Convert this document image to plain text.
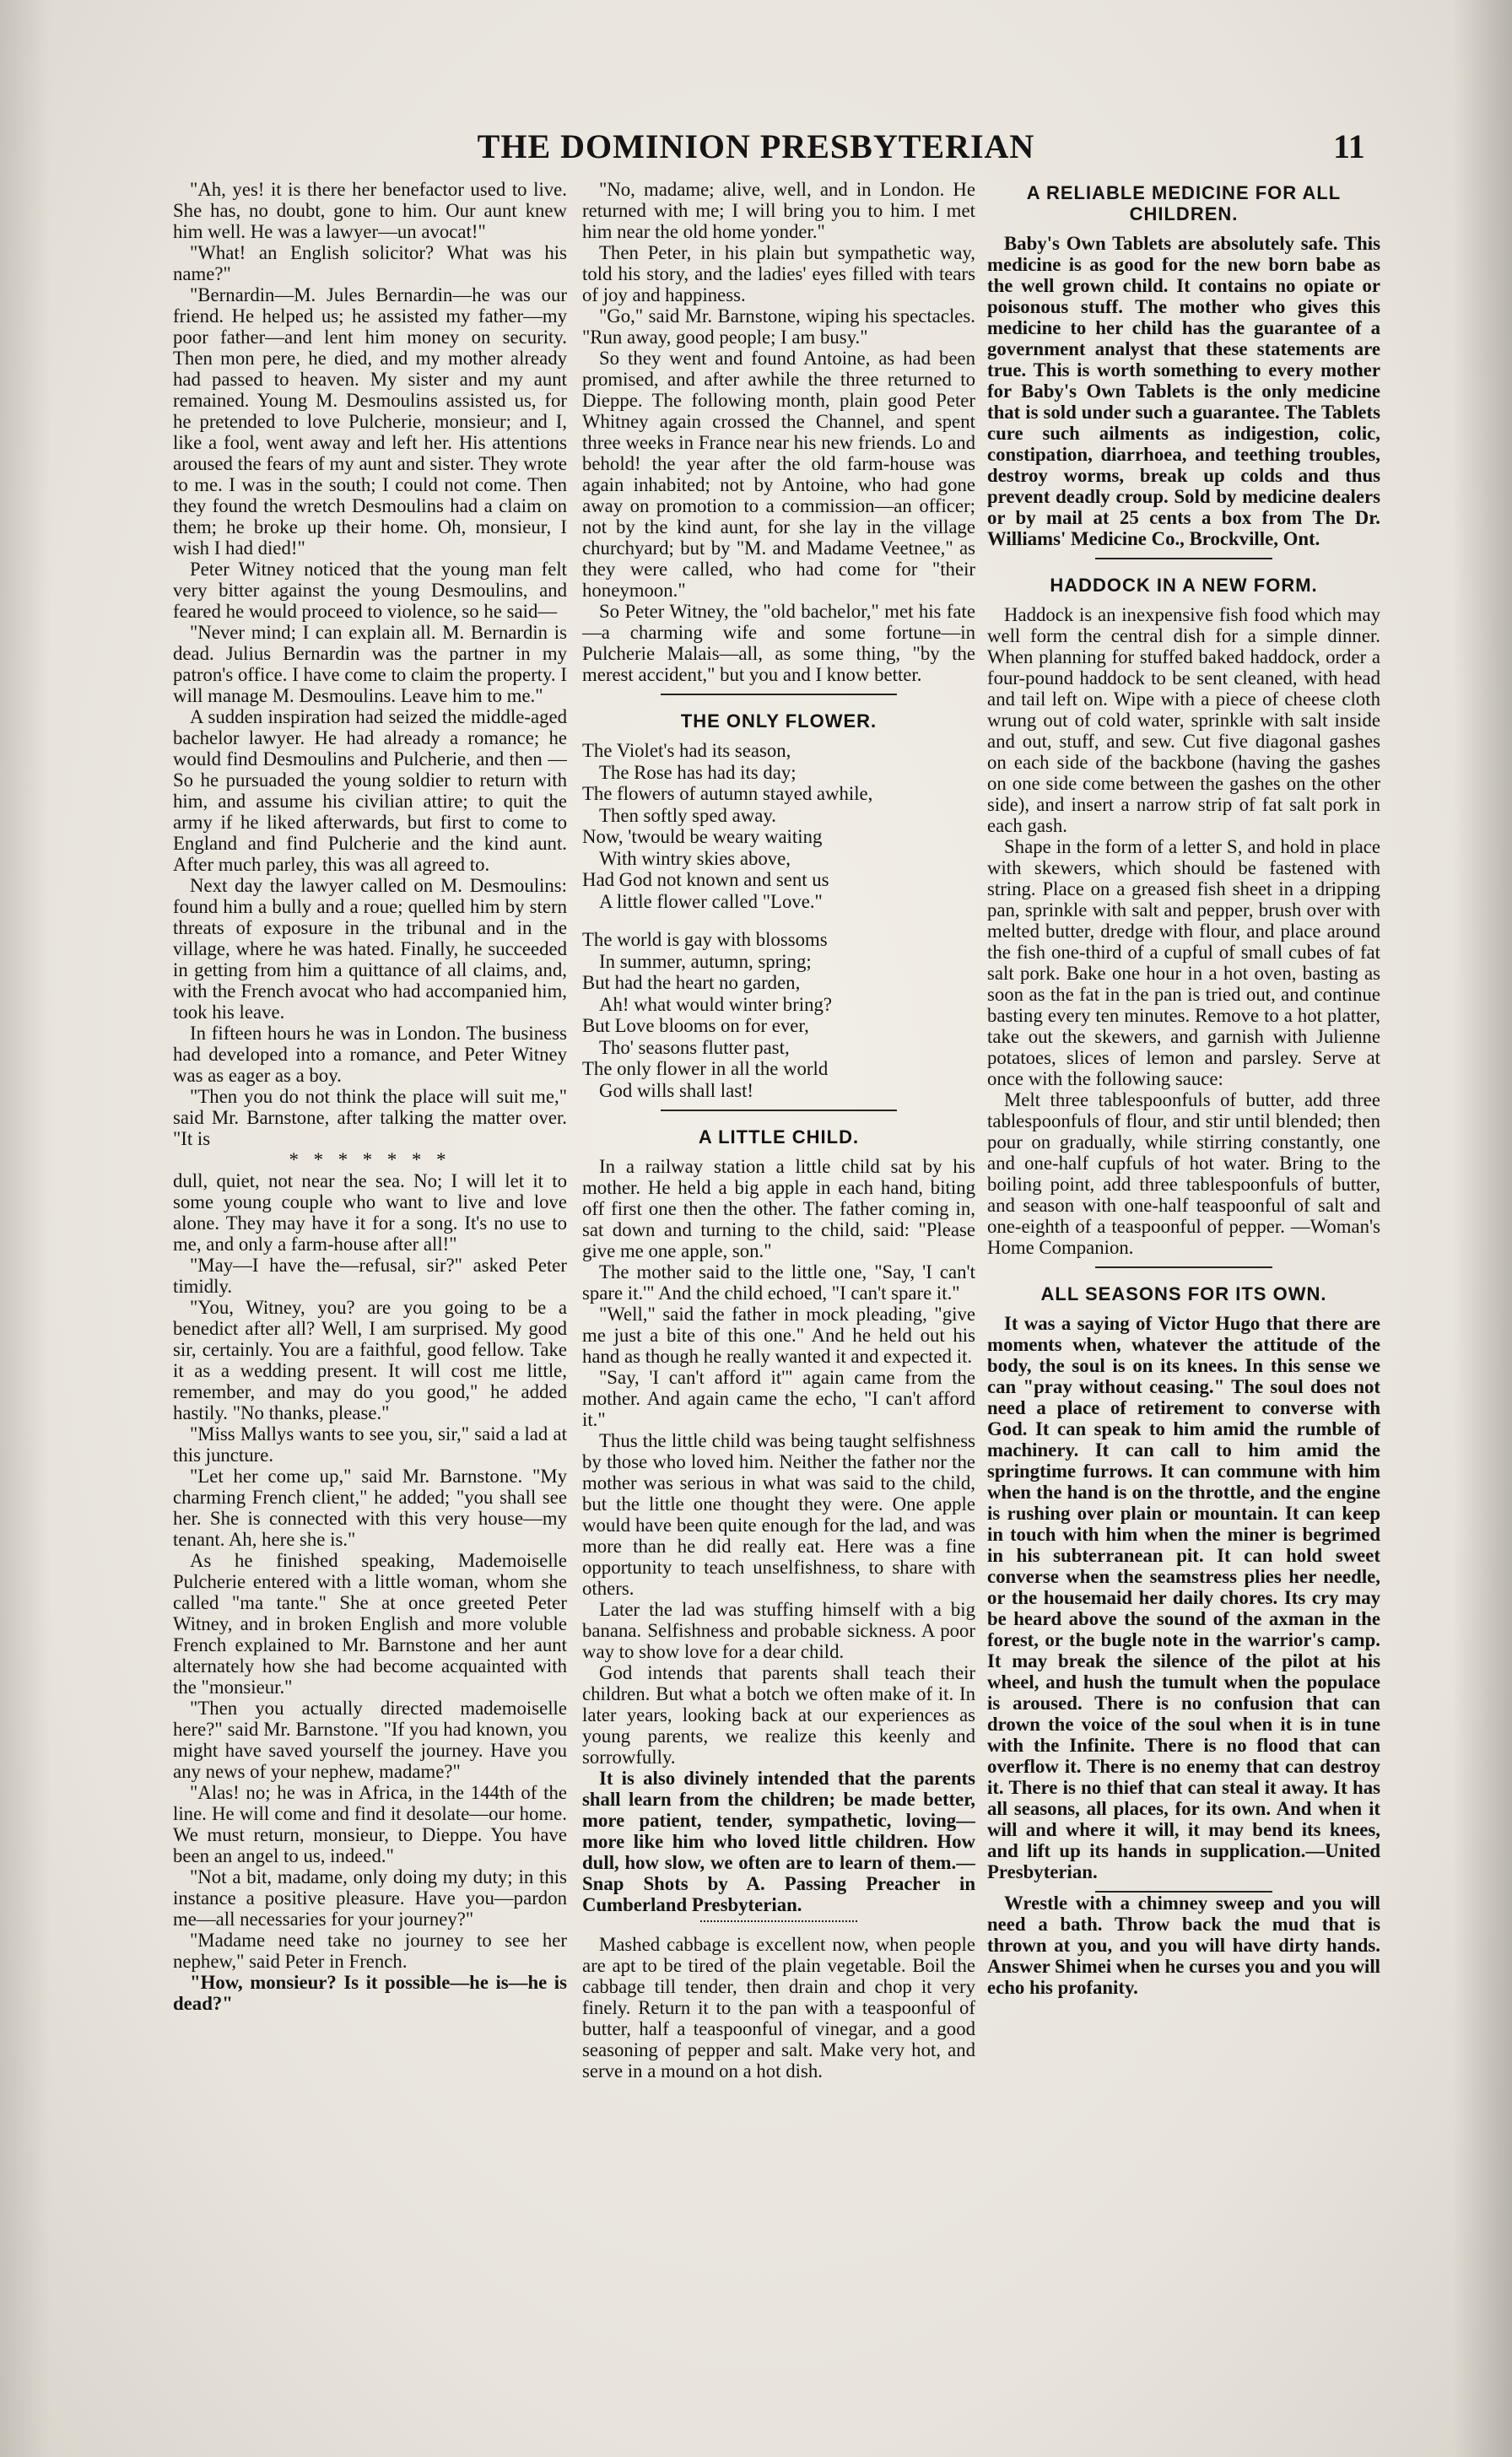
THE DOMINION PRESBYTERIAN	11

"Ah, yes! it is there her benefactor used to live. She has, no doubt, gone to him. Our aunt knew him well. He was a lawyer—un avocat!"

"What! an English solicitor? What was his name?"

"Bernardin—M. Jules Bernardin—he was our friend. He helped us; he assisted my father—my poor father—and lent him money on security. Then mon pere, he died, and my mother already had passed to heaven. My sister and my aunt remained. Young M. Desmoulins assisted us, for he pretended to love Pulcherie, monsieur; and I, like a fool, went away and left her. His attentions aroused the fears of my aunt and sister. They wrote to me. I was in the south; I could not come. Then they found the wretch Desmoulins had a claim on them; he broke up their home. Oh, monsieur, I wish I had died!"

Peter Witney noticed that the young man felt very bitter against the young Desmoulins, and feared he would proceed to violence, so he said—

"Never mind; I can explain all. M. Bernardin is dead. Julius Bernardin was the partner in my patron's office. I have come to claim the property. I will manage M. Desmoulins. Leave him to me."

A sudden inspiration had seized the middle-aged bachelor lawyer. He had already a romance; he would find Desmoulins and Pulcherie, and then — So he pursuaded the young soldier to return with him, and assume his civilian attire; to quit the army if he liked afterwards, but first to come to England and find Pulcherie and the kind aunt. After much parley, this was all agreed to.

Next day the lawyer called on M. Desmoulins: found him a bully and a roue; quelled him by stern threats of exposure in the tribunal and in the village, where he was hated. Finally, he succeeded in getting from him a quittance of all claims, and, with the French avocat who had accompanied him, took his leave.

In fifteen hours he was in London. The business had developed into a romance, and Peter Witney was as eager as a boy.

"Then you do not think the place will suit me," said Mr. Barnstone, after talking the matter over. "It is

* * * * * * *

dull, quiet, not near the sea. No; I will let it to some young couple who want to live and love alone. They may have it for a song. It's no use to me, and only a farm-house after all!"

"May—I have the—refusal, sir?" asked Peter timidly.

"You, Witney, you? are you going to be a benedict after all? Well, I am surprised. My good sir, certainly. You are a faithful, good fellow. Take it as a wedding present. It will cost me little, remember, and may do you good," he added hastily. "No thanks, please."

"Miss Mallys wants to see you, sir," said a lad at this juncture.

"Let her come up," said Mr. Barnstone. "My charming French client," he added; "you shall see her. She is connected with this very house—my tenant. Ah, here she is."

As he finished speaking, Mademoiselle Pulcherie entered with a little woman, whom she called "ma tante." She at once greeted Peter Witney, and in broken English and more voluble French explained to Mr. Barnstone and her aunt alternately how she had become acquainted with the "monsieur."

"Then you actually directed mademoiselle here?" said Mr. Barnstone. "If you had known, you might have saved yourself the journey. Have you any news of your nephew, madame?"

"Alas! no; he was in Africa, in the 144th of the line. He will come and find it desolate—our home. We must return, monsieur, to Dieppe. You have been an angel to us, indeed."

"Not a bit, madame, only doing my duty; in this instance a positive pleasure. Have you—pardon me—all necessaries for your journey?"

"Madame need take no journey to see her nephew," said Peter in French.

"How, monsieur? Is it possible—he is—he is dead?"

"No, madame; alive, well, and in London. He returned with me; I will bring you to him. I met him near the old home yonder."

Then Peter, in his plain but sympathetic way, told his story, and the ladies' eyes filled with tears of joy and happiness.

"Go," said Mr. Barnstone, wiping his spectacles. "Run away, good people; I am busy."

So they went and found Antoine, as had been promised, and after awhile the three returned to Dieppe. The following month, plain good Peter Whitney again crossed the Channel, and spent three weeks in France near his new friends. Lo and behold! the year after the old farm-house was again inhabited; not by Antoine, who had gone away on promotion to a commission—an officer; not by the kind aunt, for she lay in the village churchyard; but by "M. and Madame Veetnee," as they were called, who had come for "their honeymoon."

So Peter Witney, the "old bachelor," met his fate—a charming wife and some fortune—in Pulcherie Malais—all, as some thing, "by the merest accident," but you and I know better.

THE ONLY FLOWER.
The Violet's had its season,
The Rose has had its day;
The flowers of autumn stayed awhile,
Then softly sped away.
Now, 'twould be weary waiting
With wintry skies above,
Had God not known and sent us
A little flower called "Love."
The world is gay with blossoms
In summer, autumn, spring;
But had the heart no garden,
Ah! what would winter bring?
But Love blooms on for ever,
Tho' seasons flutter past,
The only flower in all the world
God wills shall last!
A LITTLE CHILD.

In a railway station a little child sat by his mother. He held a big apple in each hand, biting off first one then the other. The father coming in, sat down and turning to the child, said: "Please give me one apple, son."

The mother said to the little one, "Say, 'I can't spare it.'" And the child echoed, "I can't spare it."

"Well," said the father in mock pleading, "give me just a bite of this one." And he held out his hand as though he really wanted it and expected it.

"Say, 'I can't afford it'" again came from the mother. And again came the echo, "I can't afford it."

Thus the little child was being taught selfishness by those who loved him. Neither the father nor the mother was serious in what was said to the child, but the little one thought they were. One apple would have been quite enough for the lad, and was more than he did really eat. Here was a fine opportunity to teach unselfishness, to share with others.

Later the lad was stuffing himself with a big banana. Selfishness and probable sickness. A poor way to show love for a dear child.

God intends that parents shall teach their children. But what a botch we often make of it. In later years, looking back at our experiences as young parents, we realize this keenly and sorrowfully.

It is also divinely intended that the parents shall learn from the children; be made better, more patient, tender, sympathetic, loving—more like him who loved little children. How dull, how slow, we often are to learn of them.—Snap Shots by A. Passing Preacher in Cumberland Presbyterian.

Mashed cabbage is excellent now, when people are apt to be tired of the plain vegetable. Boil the cabbage till tender, then drain and chop it very finely. Return it to the pan with a teaspoonful of butter, half a teaspoonful of vinegar, and a good seasoning of pepper and salt. Make very hot, and serve in a mound on a hot dish.

A RELIABLE MEDICINE FOR ALL CHILDREN.

Baby's Own Tablets are absolutely safe. This medicine is as good for the new born babe as the well grown child. It contains no opiate or poisonous stuff. The mother who gives this medicine to her child has the guarantee of a government analyst that these statements are true. This is worth something to every mother for Baby's Own Tablets is the only medicine that is sold under such a guarantee. The Tablets cure such ailments as indigestion, colic, constipation, diarrhoea, and teething troubles, destroy worms, break up colds and thus prevent deadly croup. Sold by medicine dealers or by mail at 25 cents a box from The Dr. Williams' Medicine Co., Brockville, Ont.

HADDOCK IN A NEW FORM.

Haddock is an inexpensive fish food which may well form the central dish for a simple dinner. When planning for stuffed baked haddock, order a four-pound haddock to be sent cleaned, with head and tail left on. Wipe with a piece of cheese cloth wrung out of cold water, sprinkle with salt inside and out, stuff, and sew. Cut five diagonal gashes on each side of the backbone (having the gashes on one side come between the gashes on the other side), and insert a narrow strip of fat salt pork in each gash.

Shape in the form of a letter S, and hold in place with skewers, which should be fastened with string. Place on a greased fish sheet in a dripping pan, sprinkle with salt and pepper, brush over with melted butter, dredge with flour, and place around the fish one-third of a cupful of small cubes of fat salt pork. Bake one hour in a hot oven, basting as soon as the fat in the pan is tried out, and continue basting every ten minutes. Remove to a hot platter, take out the skewers, and garnish with Julienne potatoes, slices of lemon and parsley. Serve at once with the following sauce:

Melt three tablespoonfuls of butter, add three tablespoonfuls of flour, and stir until blended; then pour on gradually, while stirring constantly, one and one-half cupfuls of hot water. Bring to the boiling point, add three tablespoonfuls of butter, and season with one-half teaspoonful of salt and one-eighth of a teaspoonful of pepper. —Woman's Home Companion.

ALL SEASONS FOR ITS OWN.

It was a saying of Victor Hugo that there are moments when, whatever the attitude of the body, the soul is on its knees. In this sense we can "pray without ceasing." The soul does not need a place of retirement to converse with God. It can speak to him amid the rumble of machinery. It can call to him amid the springtime furrows. It can commune with him when the hand is on the throttle, and the engine is rushing over plain or mountain. It can keep in touch with him when the miner is begrimed in his subterranean pit. It can hold sweet converse when the seamstress plies her needle, or the housemaid her daily chores. Its cry may be heard above the sound of the axman in the forest, or the bugle note in the warrior's camp. It may break the silence of the pilot at his wheel, and hush the tumult when the populace is aroused. There is no confusion that can drown the voice of the soul when it is in tune with the Infinite. There is no flood that can overflow it. There is no enemy that can destroy it. There is no thief that can steal it away. It has all seasons, all places, for its own. And when it will and where it will, it may bend its knees, and lift up its hands in supplication.—United Presbyterian.

Wrestle with a chimney sweep and you will need a bath. Throw back the mud that is thrown at you, and you will have dirty hands. Answer Shimei when he curses you and you will echo his profanity.
